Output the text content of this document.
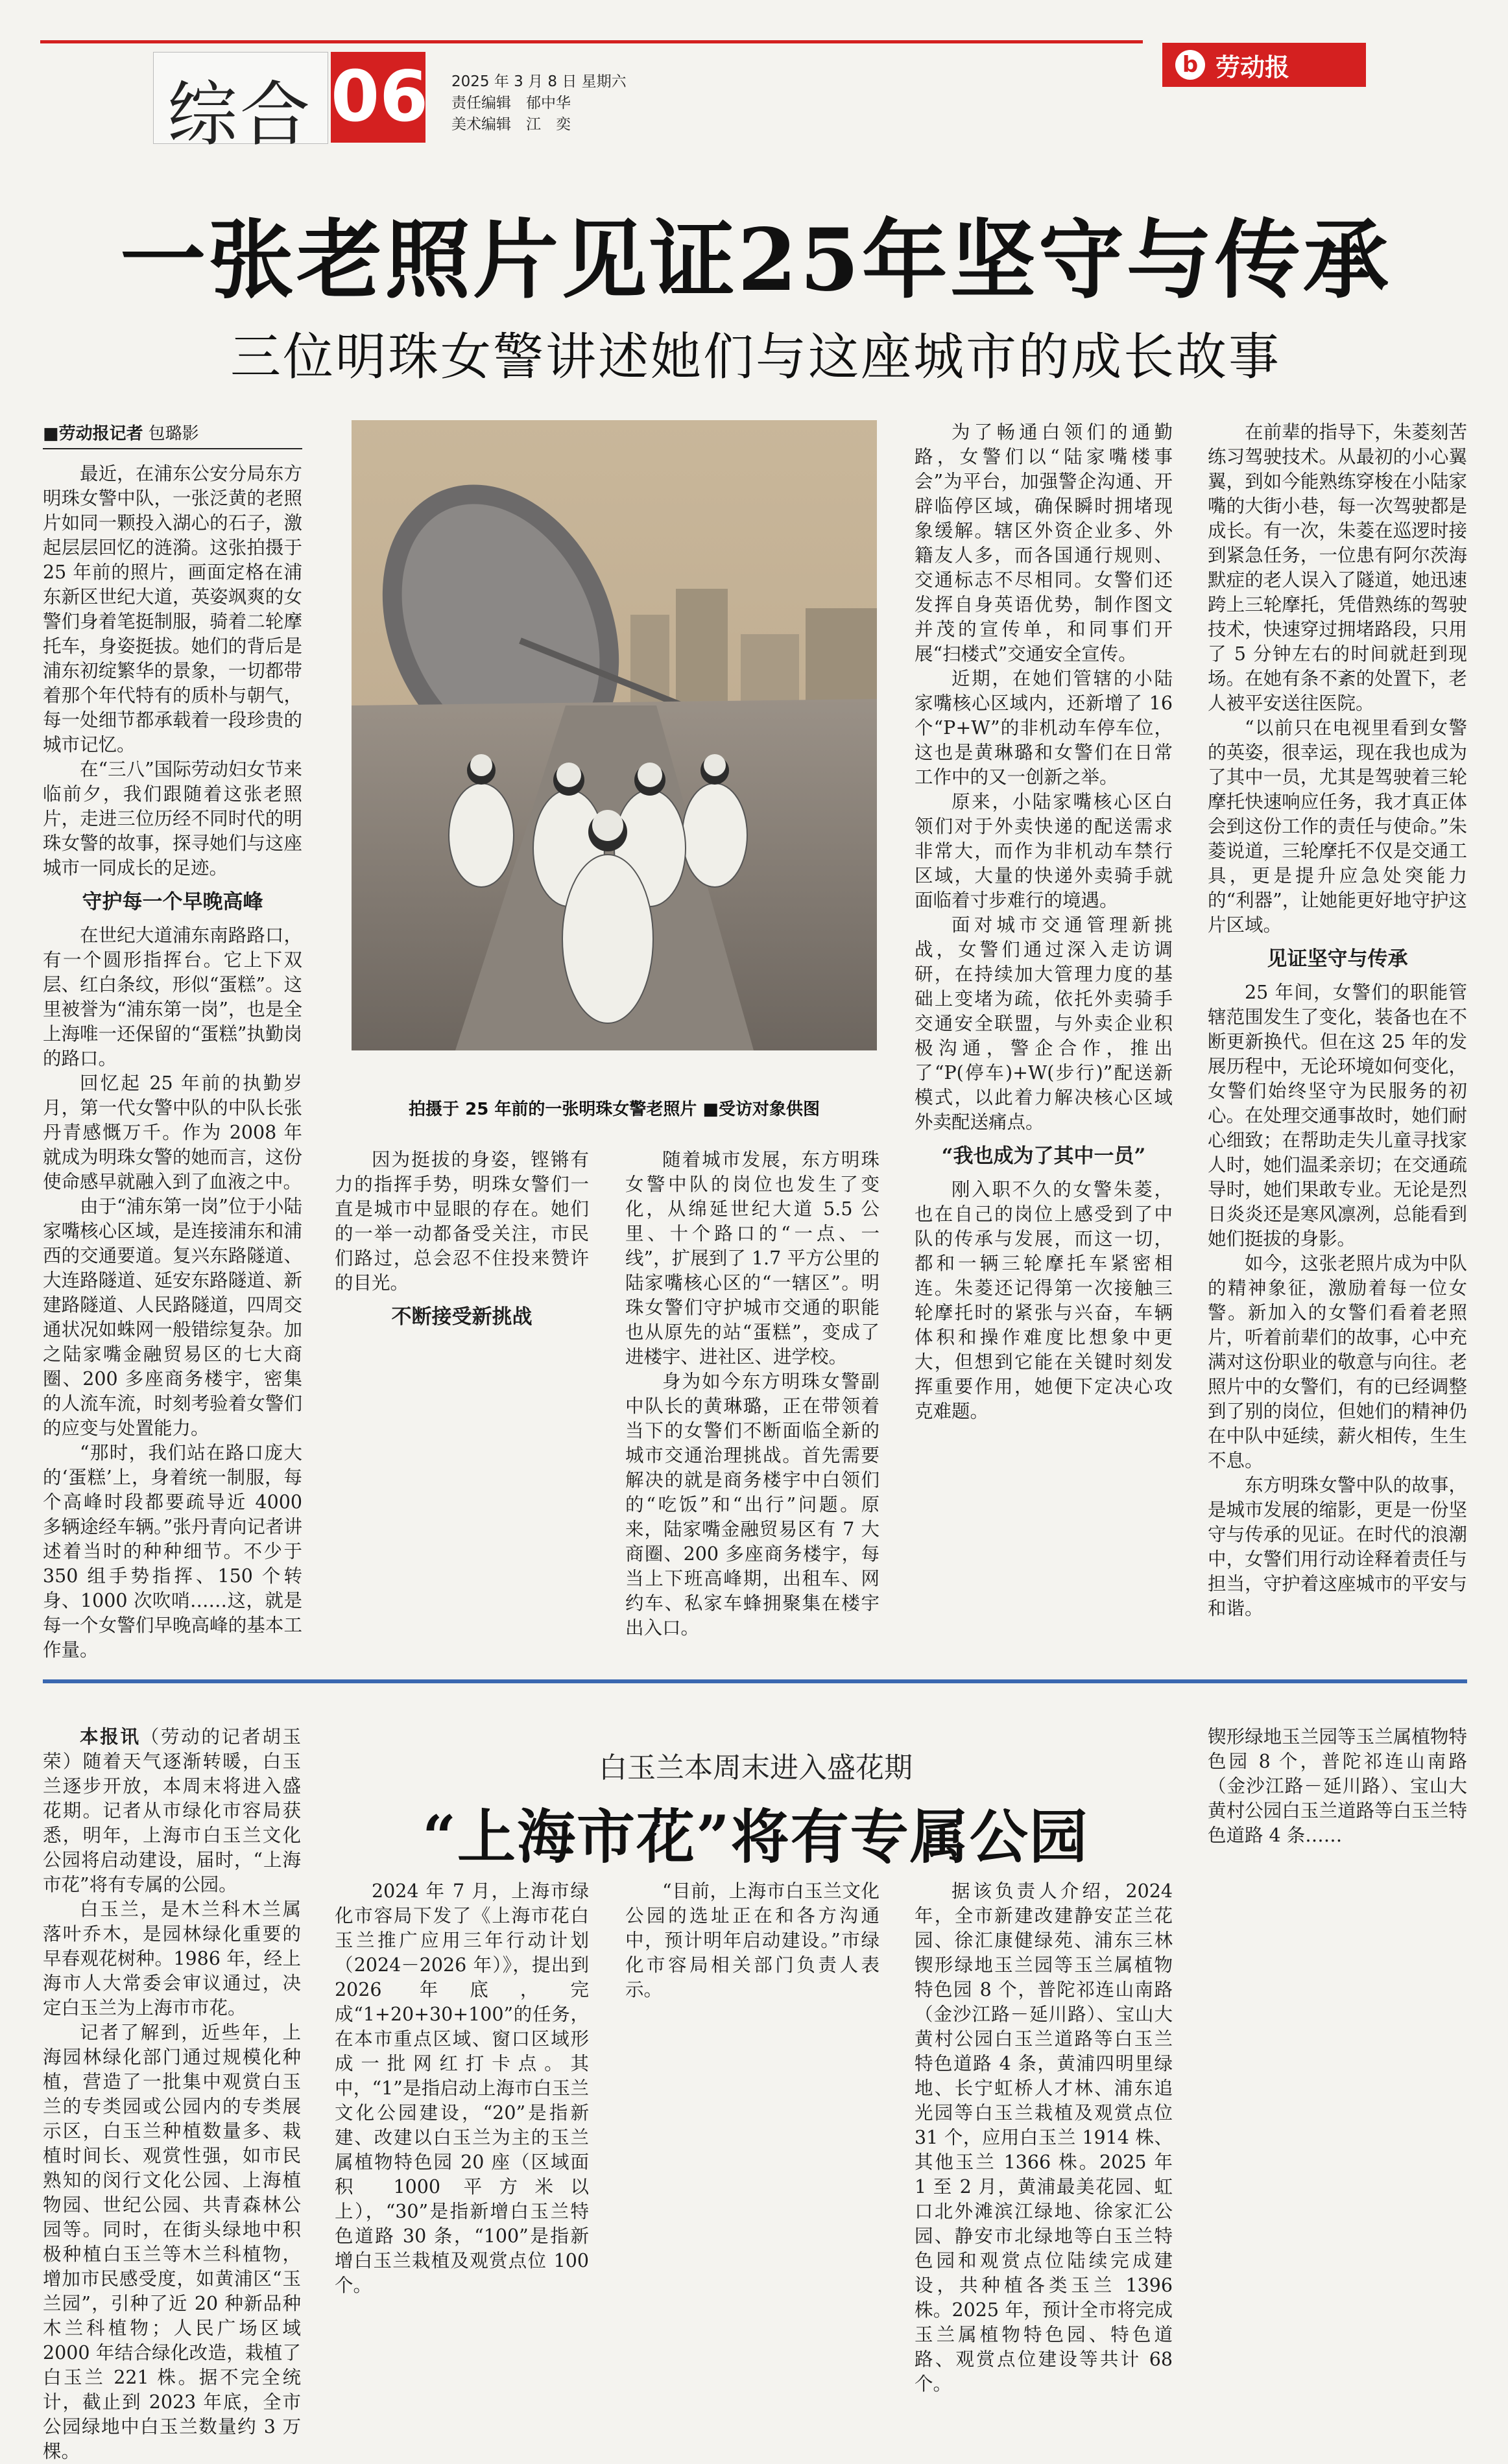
综合 06 2025 年 3 月 8 日 星期六
责任编辑　郁中华
美术编辑　江　奕
b 劳动报
一张老照片见证25年坚守与传承
三位明珠女警讲述她们与这座城市的成长故事
■劳动报记者 包璐影

最近，在浦东公安分局东方明珠女警中队，一张泛黄的老照片如同一颗投入湖心的石子，激起层层回忆的涟漪。这张拍摄于 25 年前的照片，画面定格在浦东新区世纪大道，英姿飒爽的女警们身着笔挺制服，骑着二轮摩托车，身姿挺拔。她们的背后是浦东初绽繁华的景象，一切都带着那个年代特有的质朴与朝气，每一处细节都承载着一段珍贵的城市记忆。

在“三八”国际劳动妇女节来临前夕，我们跟随着这张老照片，走进三位历经不同时代的明珠女警的故事，探寻她们与这座城市一同成长的足迹。

守护每一个早晚高峰

在世纪大道浦东南路路口，有一个圆形指挥台。它上下双层、红白条纹，形似“蛋糕”。这里被誉为“浦东第一岗”，也是全上海唯一还保留的“蛋糕”执勤岗的路口。

回忆起 25 年前的执勤岁月，第一代女警中队的中队长张丹青感慨万千。作为 2008 年就成为明珠女警的她而言，这份使命感早就融入到了血液之中。

由于“浦东第一岗”位于小陆家嘴核心区域，是连接浦东和浦西的交通要道。复兴东路隧道、大连路隧道、延安东路隧道、新建路隧道、人民路隧道，四周交通状况如蛛网一般错综复杂。加之陆家嘴金融贸易区的七大商圈、200 多座商务楼宇，密集的人流车流，时刻考验着女警们的应变与处置能力。

“那时，我们站在路口庞大的‘蛋糕’上，身着统一制服，每个高峰时段都要疏导近 4000 多辆途经车辆。”张丹青向记者讲述着当时的种种细节。不少于 350 组手势指挥、150 个转身、1000 次吹哨……这，就是每一个女警们早晚高峰的基本工作量。

拍摄于 25 年前的一张明珠女警老照片 ■受访对象供图

因为挺拔的身姿，铿锵有力的指挥手势，明珠女警们一直是城市中显眼的存在。她们的一举一动都备受关注，市民们路过，总会忍不住投来赞许的目光。

不断接受新挑战

随着城市发展，东方明珠女警中队的岗位也发生了变化，从绵延世纪大道 5.5 公里、十个路口的“一点、一线”，扩展到了 1.7 平方公里的陆家嘴核心区的“一辖区”。明珠女警们守护城市交通的职能也从原先的站“蛋糕”，变成了进楼宇、进社区、进学校。

身为如今东方明珠女警副中队长的黄琳璐，正在带领着当下的女警们不断面临全新的城市交通治理挑战。首先需要解决的就是商务楼宇中白领们的“吃饭”和“出行”问题。原来，陆家嘴金融贸易区有 7 大商圈、200 多座商务楼宇，每当上下班高峰期，出租车、网约车、私家车蜂拥聚集在楼宇出入口。

为了畅通白领们的通勤路，女警们以“陆家嘴楼事会”为平台，加强警企沟通、开辟临停区域，确保瞬时拥堵现象缓解。辖区外资企业多、外籍友人多，而各国通行规则、交通标志不尽相同。女警们还发挥自身英语优势，制作图文并茂的宣传单，和同事们开展“扫楼式”交通安全宣传。

近期，在她们管辖的小陆家嘴核心区域内，还新增了 16 个“P+W”的非机动车停车位，这也是黄琳璐和女警们在日常工作中的又一创新之举。

原来，小陆家嘴核心区白领们对于外卖快递的配送需求非常大，而作为非机动车禁行区域，大量的快递外卖骑手就面临着寸步难行的境遇。

面对城市交通管理新挑战，女警们通过深入走访调研，在持续加大管理力度的基础上变堵为疏，依托外卖骑手交通安全联盟，与外卖企业积极沟通，警企合作，推出了“P(停车)+W(步行)”配送新模式，以此着力解决核心区域外卖配送痛点。

“我也成为了其中一员”

刚入职不久的女警朱菱，也在自己的岗位上感受到了中队的传承与发展，而这一切，都和一辆三轮摩托车紧密相连。朱菱还记得第一次接触三轮摩托时的紧张与兴奋，车辆体积和操作难度比想象中更大，但想到它能在关键时刻发挥重要作用，她便下定决心攻克难题。

在前辈的指导下，朱菱刻苦练习驾驶技术。从最初的小心翼翼，到如今能熟练穿梭在小陆家嘴的大街小巷，每一次驾驶都是成长。有一次，朱菱在巡逻时接到紧急任务，一位患有阿尔茨海默症的老人误入了隧道，她迅速跨上三轮摩托，凭借熟练的驾驶技术，快速穿过拥堵路段，只用了 5 分钟左右的时间就赶到现场。在她有条不紊的处置下，老人被平安送往医院。

“以前只在电视里看到女警的英姿，很幸运，现在我也成为了其中一员，尤其是驾驶着三轮摩托快速响应任务，我才真正体会到这份工作的责任与使命。”朱菱说道，三轮摩托不仅是交通工具，更是提升应急处突能力的“利器”，让她能更好地守护这片区域。

见证坚守与传承

25 年间，女警们的职能管辖范围发生了变化，装备也在不断更新换代。但在这 25 年的发展历程中，无论环境如何变化，女警们始终坚守为民服务的初心。在处理交通事故时，她们耐心细致；在帮助走失儿童寻找家人时，她们温柔亲切；在交通疏导时，她们果敢专业。无论是烈日炎炎还是寒风凛冽，总能看到她们挺拔的身影。

如今，这张老照片成为中队的精神象征，激励着每一位女警。新加入的女警们看着老照片，听着前辈们的故事，心中充满对这份职业的敬意与向往。老照片中的女警们，有的已经调整到了别的岗位，但她们的精神仍在中队中延续，薪火相传，生生不息。

东方明珠女警中队的故事，是城市发展的缩影，更是一份坚守与传承的见证。在时代的浪潮中，女警们用行动诠释着责任与担当，守护着这座城市的平安与和谐。

白玉兰本周末进入盛花期
“上海市花”将有专属公园

本报讯（劳动的记者胡玉荣）随着天气逐渐转暖，白玉兰逐步开放，本周末将进入盛花期。记者从市绿化市容局获悉，明年，上海市白玉兰文化公园将启动建设，届时，“上海市花”将有专属的公园。

白玉兰，是木兰科木兰属落叶乔木，是园林绿化重要的早春观花树种。1986 年，经上海市人大常委会审议通过，决定白玉兰为上海市市花。

记者了解到，近些年，上海园林绿化部门通过规模化种植，营造了一批集中观赏白玉兰的专类园或公园内的专类展示区，白玉兰种植数量多、栽植时间长、观赏性强，如市民熟知的闵行文化公园、上海植物园、世纪公园、共青森林公园等。同时，在街头绿地中积极种植白玉兰等木兰科植物，增加市民感受度，如黄浦区“玉兰园”，引种了近 20 种新品种木兰科植物；人民广场区域 2000 年结合绿化改造，栽植了白玉兰 221 株。据不完全统计，截止到 2023 年底，全市公园绿地中白玉兰数量约 3 万棵。

2024 年 7 月，上海市绿化市容局下发了《上海市花白玉兰推广应用三年行动计划（2024－2026 年）》，提出到 2026 年底，完成“1+20+30+100”的任务，在本市重点区域、窗口区域形成一批网红打卡点。其中，“1”是指启动上海市白玉兰文化公园建设，“20”是指新建、改建以白玉兰为主的玉兰属植物特色园 20 座（区域面积 1000 平方米以上），“30”是指新增白玉兰特色道路 30 条，“100”是指新增白玉兰栽植及观赏点位 100 个。

“目前，上海市白玉兰文化公园的选址正在和各方沟通中，预计明年启动建设。”市绿化市容局相关部门负责人表示。

据该负责人介绍，2024 年，全市新建改建静安芷兰花园、徐汇康健绿苑、浦东三林锲形绿地玉兰园等玉兰属植物特色园 8 个，普陀祁连山南路（金沙江路－延川路）、宝山大黄村公园白玉兰道路等白玉兰特色道路 4 条，黄浦四明里绿地、长宁虹桥人才林、浦东追光园等白玉兰栽植及观赏点位 31 个，应用白玉兰 1914 株、其他玉兰 1366 株。2025 年 1 至 2 月，黄浦最美花园、虹口北外滩滨江绿地、徐家汇公园、静安市北绿地等白玉兰特色园和观赏点位陆续完成建设，共种植各类玉兰 1396 株。2025 年，预计全市将完成玉兰属植物特色园、特色道路、观赏点位建设等共计 68 个。

锲形绿地玉兰园等玉兰属植物特色园 8 个，普陀祁连山南路（金沙江路－延川路）、宝山大黄村公园白玉兰道路等白玉兰特色道路 4 条……
